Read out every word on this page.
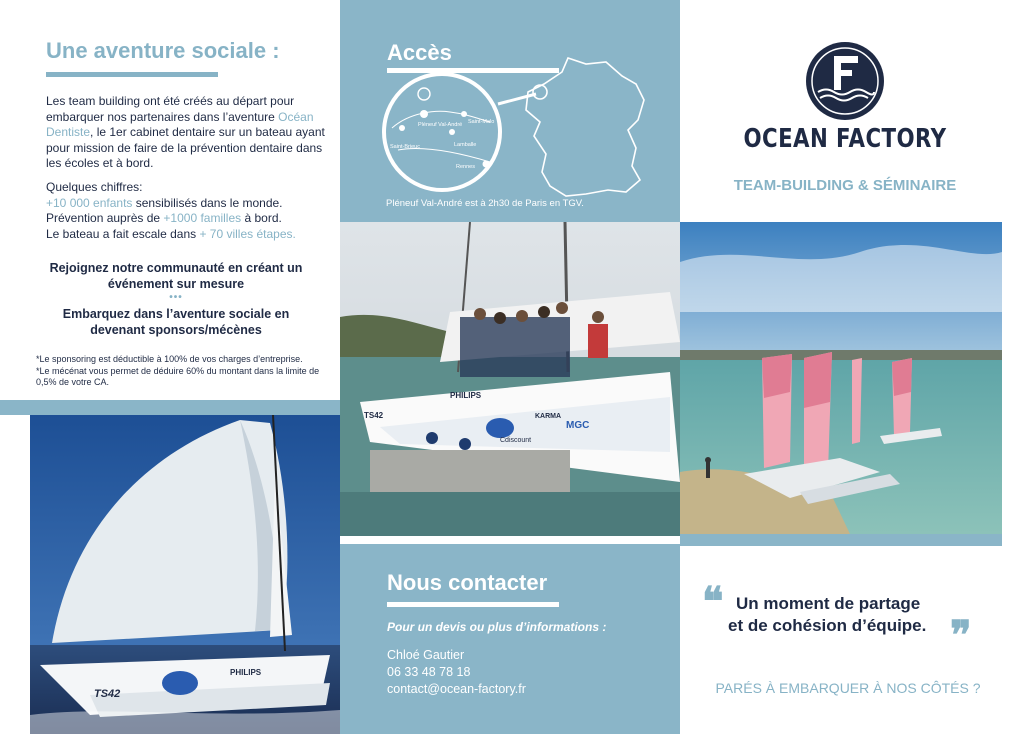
Une aventure sociale :

Les team building ont été créés au départ pour embarquer nos partenaires dans l’aventure Océan Dentiste, le 1er cabinet dentaire sur un bateau ayant pour mission de faire de la prévention dentaire dans les écoles et à bord.

Quelques chiffres:
+10 000 enfants sensibilisés dans le monde.
Prévention auprès de +1000 familles à bord.
Le bateau a fait escale dans + 70 villes étapes.

Rejoignez notre communauté en créant un événement sur mesure

•••

Embarquez dans l’aventure sociale en devenant sponsors/mécènes

*Le sponsoring est déductible à 100% de vos charges d’entreprise.
*Le mécénat vous permet de déduire 60% du montant dans la limite de 0,5% de votre CA.
TS42
PHILIPS
Accès
Pléneuf Val-André Saint-Malo
Lamballe
Saint-Brieuc
Rennes
Pléneuf Val-André est à 2h30 de Paris en TGV.
PHILIPS
KARMA
MGC
Cdiscount
TS42
OCEAN FACTORY
TEAM-BUILDING & SÉMINAIRE
Nous contacter
Pour un devis ou plus d’informations :
Chloé Gautier
06 33 48 78 18
contact@ocean-factory.fr
❝ Un moment de partage
et de cohésion d’équipe. ❞
PARÉS À EMBARQUER À NOS CÔTÉS ?
